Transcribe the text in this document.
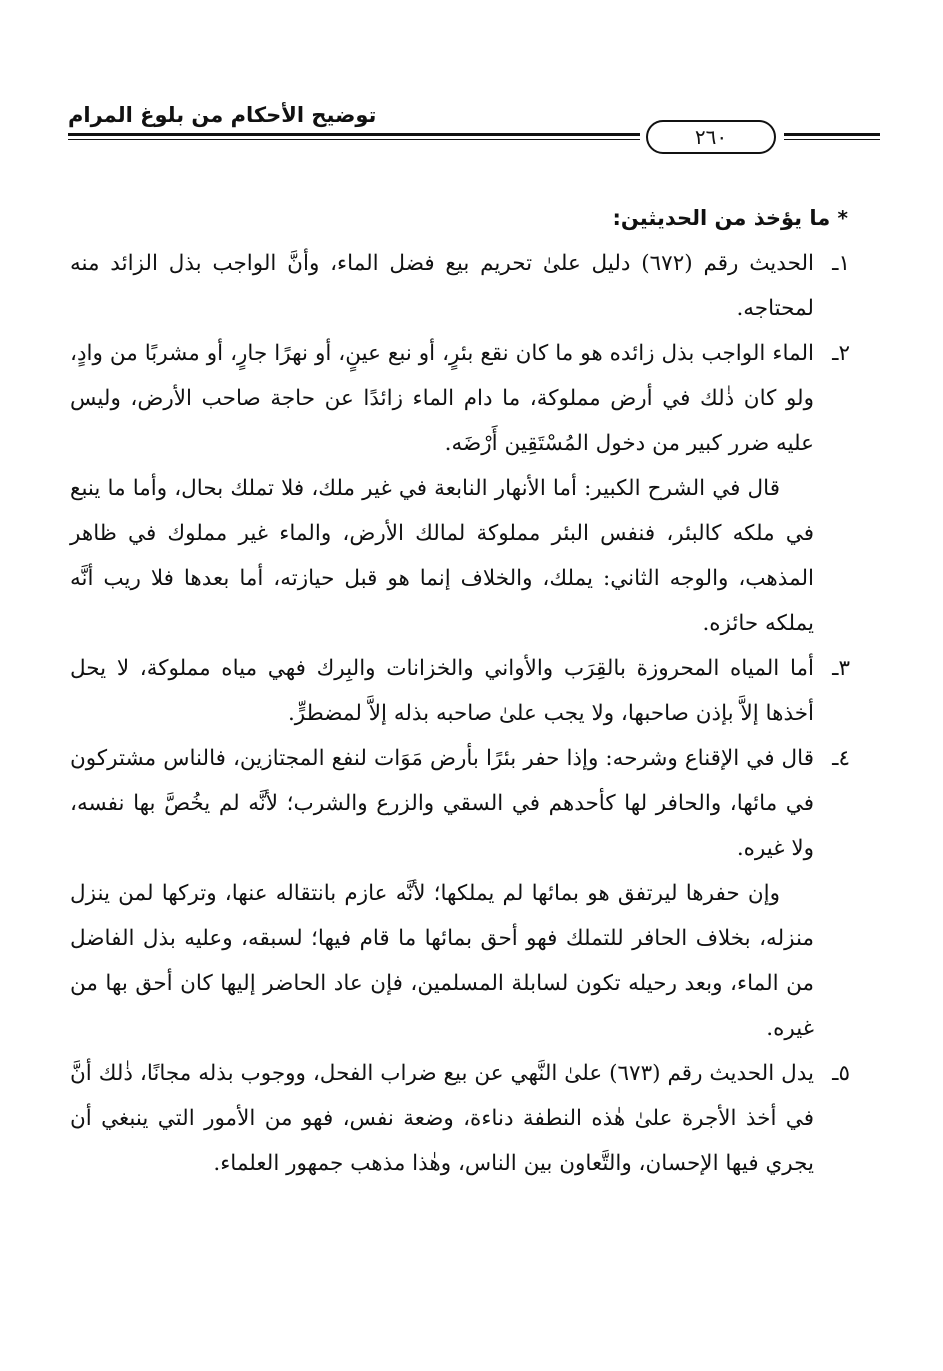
توضيح الأحكام من بلوغ المرام
٢٦٠

* ما يؤخذ من الحديثين:

١ـ
الحديث رقم (٦٧٢) دليل علىٰ تحريم بيع فضل الماء، وأنَّ الواجب بذل الزائد منه لمحتاجه.

٢ـ
الماء الواجب بذل زائده هو ما كان نقع بئرٍ، أو نبع عينٍ، أو نهرًا جارٍ، أو مشربًا من وادٍ، ولو كان ذٰلك في أرض مملوكة، ما دام الماء زائدًا عن حاجة صاحب الأرض، وليس عليه ضرر كبير من دخول المُسْتَقِين أَرْضَه.

قال في الشرح الكبير: أما الأنهار النابعة في غير ملك، فلا تملك بحال، وأما ما ينبع في ملكه كالبئر، فنفس البئر مملوكة لمالك الأرض، والماء غير مملوك في ظاهر المذهب، والوجه الثاني: يملك، والخلاف إنما هو قبل حيازته، أما بعدها فلا ريب أنَّه يملكه حائزه.

٣ـ
أما المياه المحروزة بالقِرَب والأواني والخزانات والبِرك فهي مياه مملوكة، لا يحل أخذها إلاَّ بإذن صاحبها، ولا يجب علىٰ صاحبه بذله إلاَّ لمضطرٍّ.

٤ـ
قال في الإقناع وشرحه: وإذا حفر بئرًا بأرض مَوَات لنفع المجتازين، فالناس مشتركون في مائها، والحافر لها كأحدهم في السقي والزرع والشرب؛ لأنَّه لم يخُصَّ بها نفسه، ولا غيره.

وإن حفرها ليرتفق هو بمائها لم يملكها؛ لأنَّه عازم بانتقاله عنها، وتركها لمن ينزل منزله، بخلاف الحافر للتملك فهو أحق بمائها ما قام فيها؛ لسبقه، وعليه بذل الفاضل من الماء، وبعد رحيله تكون لسابلة المسلمين، فإن عاد الحاضر إليها كان أحق بها من غيره.

٥ـ
يدل الحديث رقم (٦٧٣) علىٰ النَّهي عن بيع ضراب الفحل، ووجوب بذله مجانًا، ذٰلك أنَّ في أخذ الأجرة علىٰ هٰذه النطفة دناءة، وضعة نفس، فهو من الأمور التي ينبغي أن يجري فيها الإحسان، والتَّعاون بين الناس، وهٰذا مذهب جمهور العلماء.
